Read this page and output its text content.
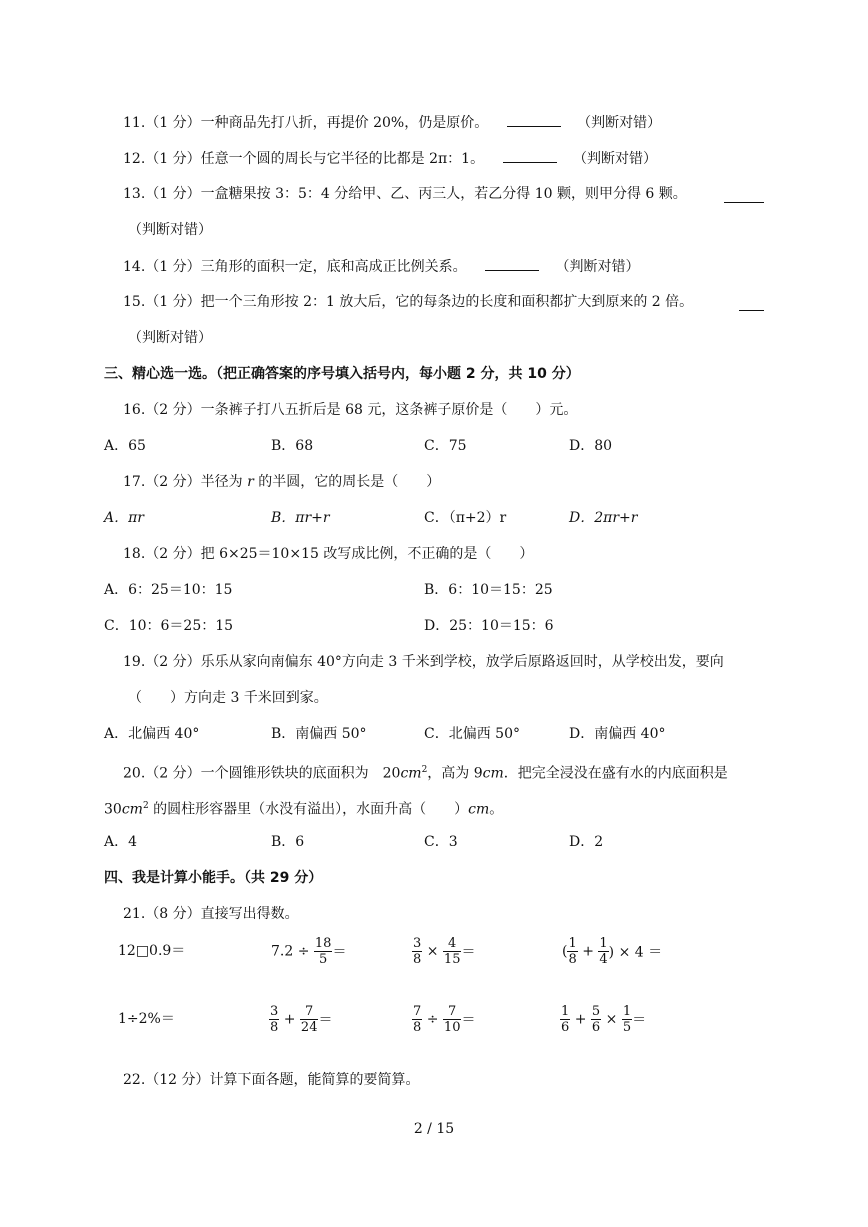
11.（1 分）一种商品先打八折，再提价 20%，仍是原价。	（判断对错）
12.（1 分）任意一个圆的周长与它半径的比都是 2π：1。	（判断对错）
13.（1 分）一盒糖果按 3：5：4 分给甲、乙、丙三人，若乙分得 10 颗，则甲分得 6 颗。
（判断对错）
14.（1 分）三角形的面积一定，底和高成正比例关系。	（判断对错）
15.（1 分）把一个三角形按 2：1 放大后，它的每条边的长度和面积都扩大到原来的 2 倍。
（判断对错）
三、精心选一选。（把正确答案的序号填入括号内，每小题 2 分，共 10 分）
16.（2 分）一条裤子打八五折后是 68 元，这条裤子原价是（　　）元。
A．65	B．68	C．75	D．80
17.（2 分）半径为 r 的半圆，它的周长是（　　）
A．πr	B．πr+r	C．（π+2）r	D．2πr+r
18.（2 分）把 6×25＝10×15 改写成比例，不正确的是（　　）
A．6：25＝10：15	B．6：10＝15：25
C．10：6＝25：15	D．25：10＝15：6
19.（2 分）乐乐从家向南偏东 40°方向走 3 千米到学校，放学后原路返回时，从学校出发，要向
（　　）方向走 3 千米回到家。
A．北偏西 40°	B．南偏西 50°	C．北偏西 50°	D．南偏西 40°
20.（2 分）一个圆锥形铁块的底面积为　$20cm^2$，高为 9cm．把完全浸没在盛有水的内底面积是
$30cm^2$ 的圆柱形容器里（水没有溢出），水面升高（　　）cm。
A．4	B．6	C．3	D．2
四、我是计算小能手。（共 29 分）
21.（8 分）直接写出得数。
12□0.9＝	$7.2 \div \frac{18}{5}$ ＝	$\frac{3}{8} \times \frac{4}{15}$ ＝	( $\frac{1}{8} + \frac{1}{4}$ ) × 4 ＝
1÷2%＝	$\frac{3}{8} + \frac{7}{24}$ ＝	$\frac{7}{8} \div \frac{7}{10}$ ＝	$\frac{1}{6} + \frac{5}{6} \times \frac{1}{5}$ ＝
22.（12 分）计算下面各题，能简算的要简算。
2 / 15
